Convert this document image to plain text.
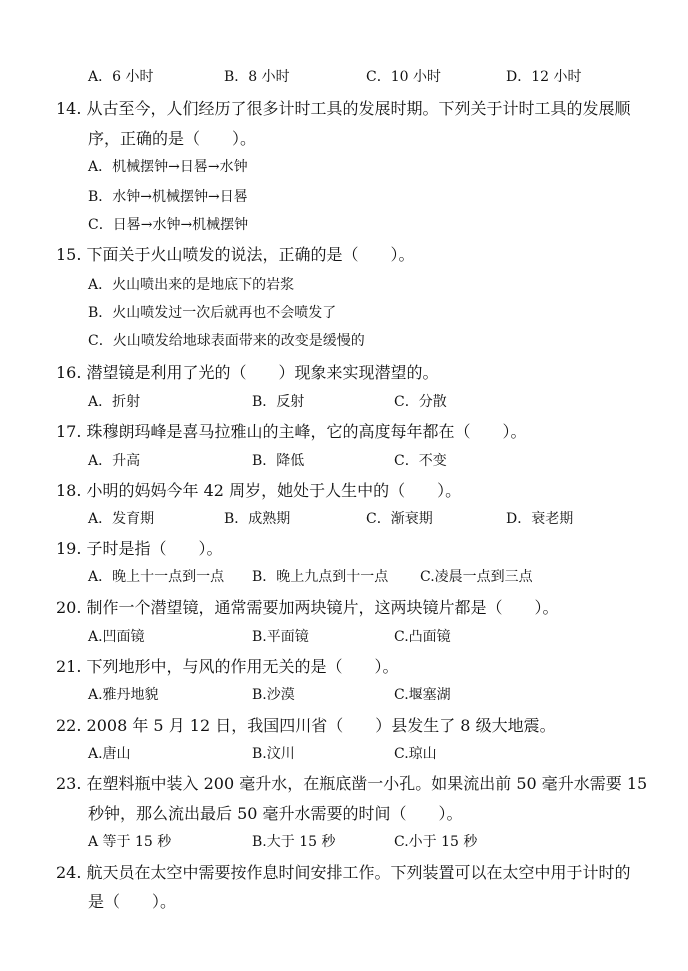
A．6 小时	B．8 小时	C．10 小时	D．12 小时
14. 从古至今，人们经历了很多计时工具的发展时期。下列关于计时工具的发展顺
序，正确的是（　　）。
A．机械摆钟→日晷→水钟
B．水钟→机械摆钟→日晷
C．日晷→水钟→机械摆钟
15. 下面关于火山喷发的说法，正确的是（　　）。
A．火山喷出来的是地底下的岩浆
B．火山喷发过一次后就再也不会喷发了
C．火山喷发给地球表面带来的改变是缓慢的
16. 潜望镜是利用了光的（　　）现象来实现潜望的。
A．折射	B．反射	C．分散
17. 珠穆朗玛峰是喜马拉雅山的主峰，它的高度每年都在（　　）。
A．升高	B．降低	C．不变
18. 小明的妈妈今年 42 周岁，她处于人生中的（　　）。
A．发育期	B．成熟期	C．渐衰期	D．衰老期
19. 子时是指（　　）。
A．晚上十一点到一点 B．晚上九点到十一点 C.凌晨一点到三点
20. 制作一个潜望镜，通常需要加两块镜片，这两块镜片都是（　　）。
A.凹面镜	B.平面镜	C.凸面镜
21. 下列地形中，与风的作用无关的是（　　）。
A.雅丹地貌	B.沙漠	C.堰塞湖
22. 2008 年 5 月 12 日，我国四川省（　　）县发生了 8 级大地震。
A.唐山	B.汶川	C.琼山
23. 在塑料瓶中装入 200 毫升水，在瓶底凿一小孔。如果流出前 50 毫升水需要 15
秒钟，那么流出最后 50 毫升水需要的时间（　　）。
A 等于 15 秒	B.大于 15 秒	C.小于 15 秒
24. 航天员在太空中需要按作息时间安排工作。下列装置可以在太空中用于计时的
是（　　）。
